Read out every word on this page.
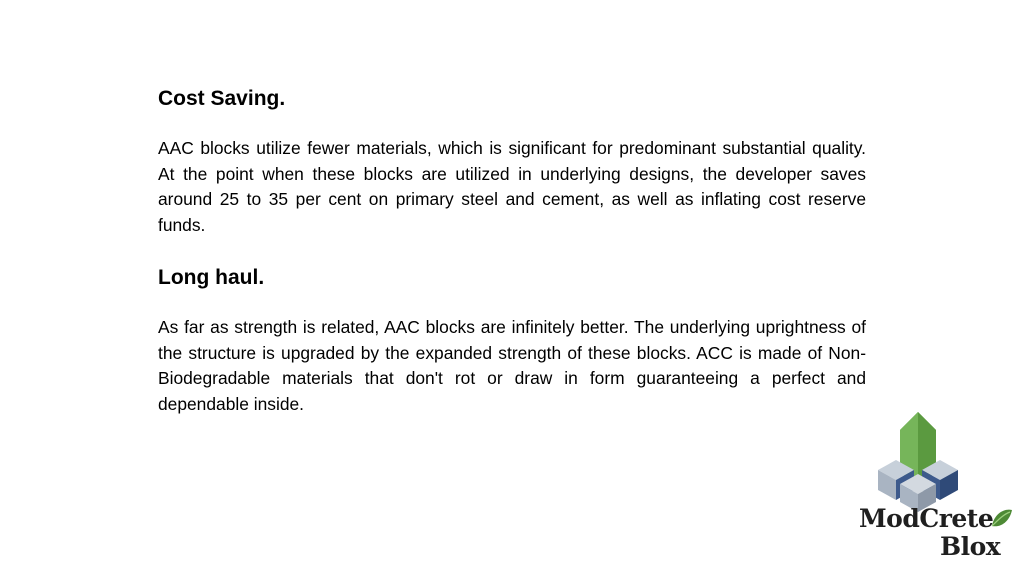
Cost Saving.

AAC blocks utilize fewer materials, which is significant for predominant substantial quality. At the point when these blocks are utilized in underlying designs, the developer saves around 25 to 35 per cent on primary steel and cement, as well as inflating cost reserve funds.

Long haul.

As far as strength is related, AAC blocks are infinitely better. The underlying uprightness of the structure is upgraded by the expanded strength of these blocks. ACC is made of Non-Biodegradable materials that don't rot or draw in form guaranteeing a perfect and dependable inside.

ModCrete
Blox
